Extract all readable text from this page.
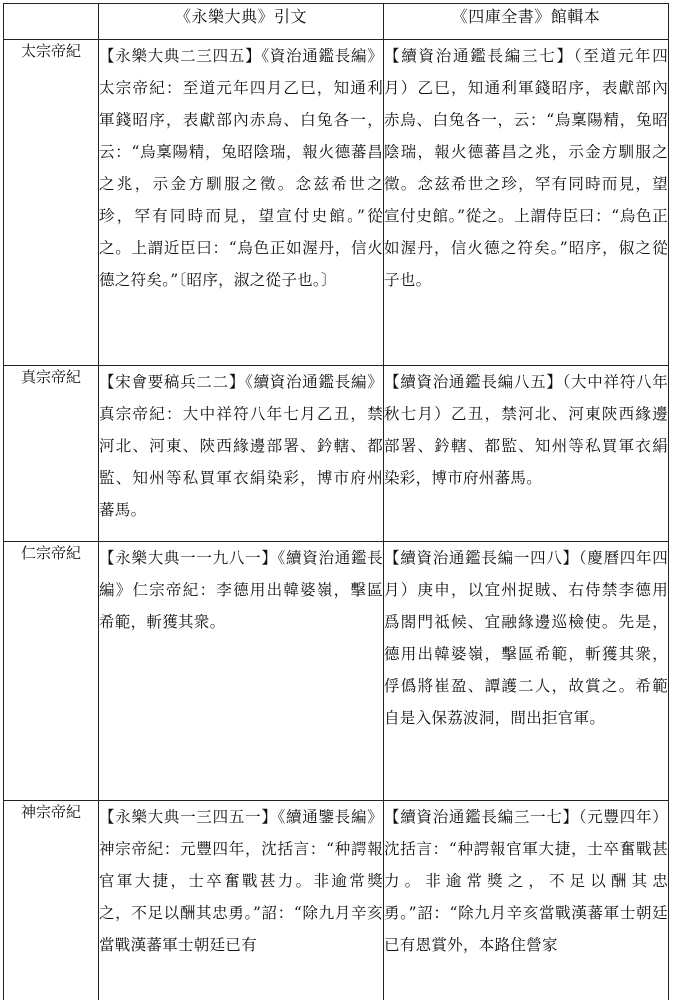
	《永樂大典》引文	《四庫全書》館輯本
太宗帝紀	【永樂大典二三四五】《資治通鑑長編》太宗帝紀：至道元年四月乙巳，知通利軍錢昭序，表獻部內赤烏、白兔各一，云：“烏稟陽精，兔昭陰瑞，報火德蕃昌之兆，示金方馴服之徵。念兹希世之珍，罕有同時而見，望宣付史館。”從之。上謂近臣曰：“烏色正如渥丹，信火德之符矣。”〔昭序，淑之從子也。〕	【續資治通鑑長編三七】（至道元年四月）乙巳，知通利軍錢昭序，表獻部內赤烏、白兔各一，云：“烏稟陽精，兔昭陰瑞，報火德蕃昌之兆，示金方馴服之徵。念兹希世之珍，罕有同時而見，望宣付史館。”從之。上謂侍臣曰：“烏色正如渥丹，信火德之符矣。”昭序，俶之從子也。
真宗帝紀	【宋會要稿兵二二】《續資治通鑑長編》真宗帝紀：大中祥符八年七月乙丑，禁河北、河東、陝西緣邊部署、鈐轄、都監、知州等私買軍衣絹染彩，博市府州蕃馬。	【續資治通鑑長編八五】（大中祥符八年秋七月）乙丑，禁河北、河東陝西緣邊部署、鈐轄、都監、知州等私買軍衣絹染彩，博市府州蕃馬。
仁宗帝紀	【永樂大典一一九八一】《續資治通鑑長編》仁宗帝紀：李德用出韓婆嶺，擊區希範，斬獲其衆。	【續資治通鑑長編一四八】（慶曆四年四月）庚申，以宜州捉賊、右侍禁李德用爲閤門祗候、宜融緣邊巡檢使。先是，德用出韓婆嶺，擊區希範，斬獲其衆，俘僞將崔盈、譚護二人，故賞之。希範自是入保荔波洞，間出拒官軍。
神宗帝紀	【永樂大典一三四五一】《續通鑒長編》神宗帝紀：元豐四年，沈括言：“种諤報官軍大捷，士卒奮戰甚力。非逾常獎之，不足以酬其忠勇。”詔：“除九月辛亥當戰漢蕃軍士朝廷已有	【續資治通鑑長編三一七】（元豐四年）沈括言：“种諤報官軍大捷，士卒奮戰甚力。非逾常獎之，不足以酬其忠勇。”詔：“除九月辛亥當戰漢蕃軍士朝廷已有恩賞外，本路住營家
